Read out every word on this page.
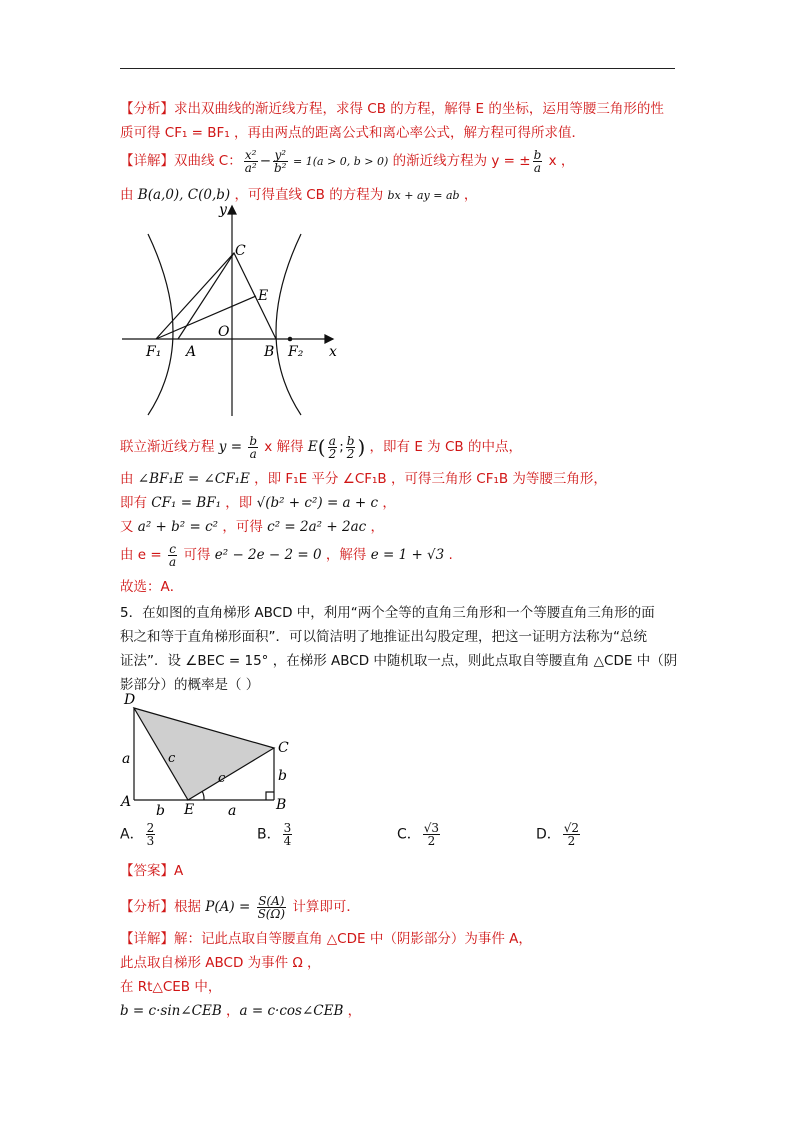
【分析】求出双曲线的渐近线方程，求得 CB 的方程，解得 E 的坐标，运用等腰三角形的性
质可得 CF₁ = BF₁ ，再由两点的距离公式和离心率公式，解方程可得所求值．
【详解】双曲线 C： $\frac{\text{x²}}{\text{a²}} - \frac{\text{y²}}{\text{b²}} = 1(a > 0$, b > 0) 的渐近线方程为 y = ± $\frac{b}{a}$ x ，
由 B(a,0), C(0,b) ，可得直线 CB 的方程为 bx + ay = ab ，
y
x
C
E
O
F₁ A	B F₂
联立渐近线方程 $y = \frac{b}{a}$ x 解得 $E( \frac{a}{2}$ ; $\frac{b}{2}$ ) ，即有 E 为 CB 的中点，
由 ∠BF₁E = ∠CF₁E ，即 F₁E 平分 ∠CF₁B ，可得三角形 CF₁B 为等腰三角形，
即有 CF₁ = BF₁ ，即 √(b² + c²) = a + c ，
又 a² + b² = c² ，可得 c² = 2a² + 2ac ，
由 $e = \frac{c}{a}$ 可得 e² − 2e − 2 = 0 ，解得 e = 1 + √3 .
故选：A．
5．在如图的直角梯形 ABCD 中，利用“两个全等的直角三角形和一个等腰直角三角形的面
积之和等于直角梯形面积”．可以简洁明了地推证出勾股定理，把这一证明方法称为“总统
证法”．设 ∠BEC = 15° ，在梯形 ABCD 中随机取一点，则此点取自等腰直角 △CDE 中（阴
影部分）的概率是（ ）
D
C
A	B
E
a	c
c	b
b	a
A． $\frac{2}{3}$	B． $\frac{3}{4}$	C． $\frac{√3}{2}$	D． $\frac{√2}{2}$
【答案】A
【分析】根据 $P(A) = \frac{S(A)}{S(\Omega)}$ 计算即可．
【详解】解：记此点取自等腰直角 △CDE 中（阴影部分）为事件 A，
此点取自梯形 ABCD 为事件 Ω ，
在 Rt△CEB 中，
b = c·sin∠CEB ，a = c·cos∠CEB ，
